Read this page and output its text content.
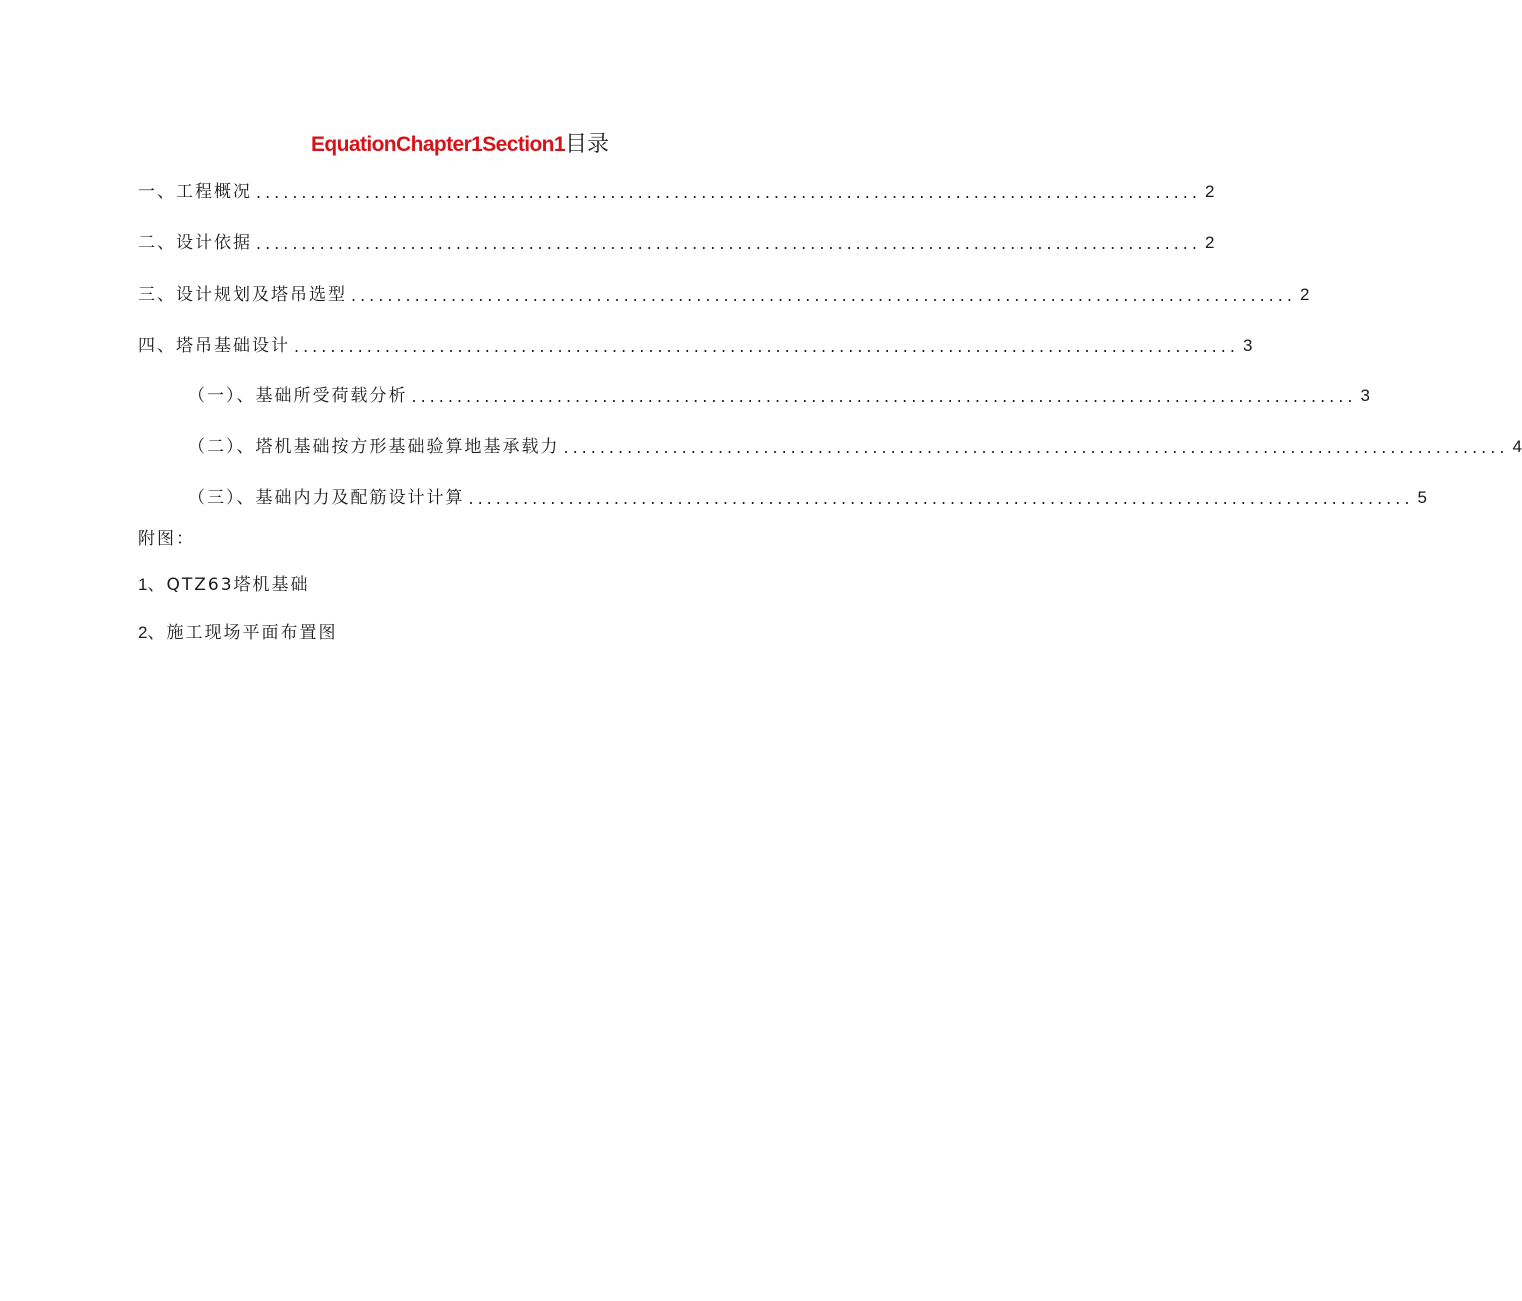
EquationChapter1Section1目录
一、工程概况 ........................................................................................................ 2
二、设计依据 ........................................................................................................ 2
三、设计规划及塔吊选型 ........................................................................................................ 2
四、塔吊基础设计 ........................................................................................................ 3
（一）、基础所受荷载分析 ........................................................................................................ 3
（二）、塔机基础按方形基础验算地基承载力 ........................................................................................................ 4
（三）、基础内力及配筋设计计算 ........................................................................................................ 5
附图：
1、QTZ63塔机基础
2、施工现场平面布置图
